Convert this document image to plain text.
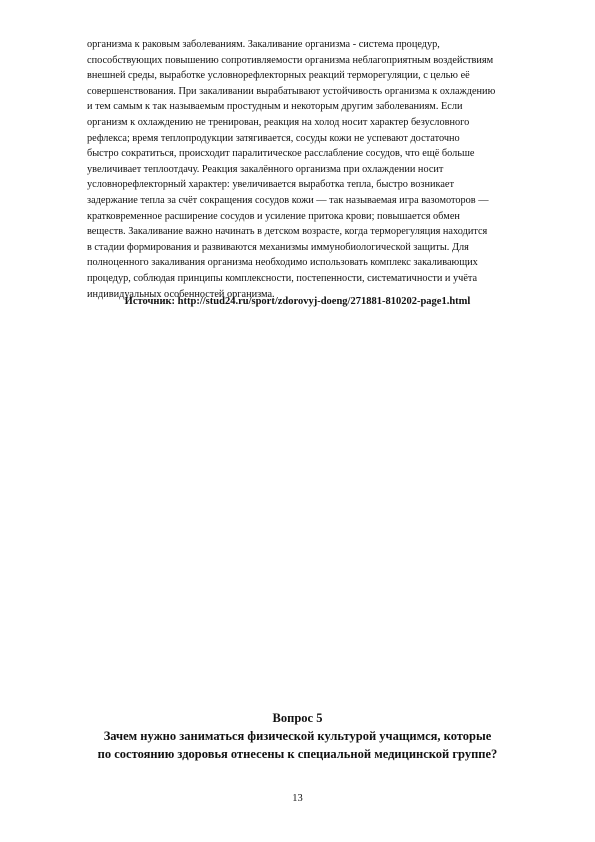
организма к раковым заболеваниям. Закаливание организма - система процедур,
способствующих повышению сопротивляемости организма неблагоприятным воздействиям
внешней среды, выработке условнорефлекторных реакций терморегуляции, с целью её
совершенствования. При закаливании вырабатывают устойчивость организма к охлаждению
и тем самым к так называемым простудным и некоторым другим заболеваниям. Если
организм к охлаждению не тренирован, реакция на холод носит характер безусловного
рефлекса; время теплопродукции затягивается, сосуды кожи не успевают достаточно
быстро сократиться, происходит паралитическое расслабление сосудов, что ещё больше
увеличивает теплоотдачу. Реакция закалённого организма при охлаждении носит
условнорефлекторный характер: увеличивается выработка тепла, быстро возникает
задержание тепла за счёт сокращения сосудов кожи — так называемая игра вазомоторов —
кратковременное расширение сосудов и усиление притока крови; повышается обмен
веществ. Закаливание важно начинать в детском возрасте, когда терморегуляция находится
в стадии формирования и развиваются механизмы иммунобиологической защиты. Для
полноценного закаливания организма необходимо использовать комплекс закаливающих
процедур, соблюдая принципы комплексности, постепенности, систематичности и учёта
индивидуальных особенностей организма.
Источник: http://stud24.ru/sport/zdorovyj-doeng/271881-810202-page1.html
Вопрос 5
Зачем нужно заниматься физической культурой учащимся, которые
по состоянию здоровья отнесены к специальной медицинской группе?
13
